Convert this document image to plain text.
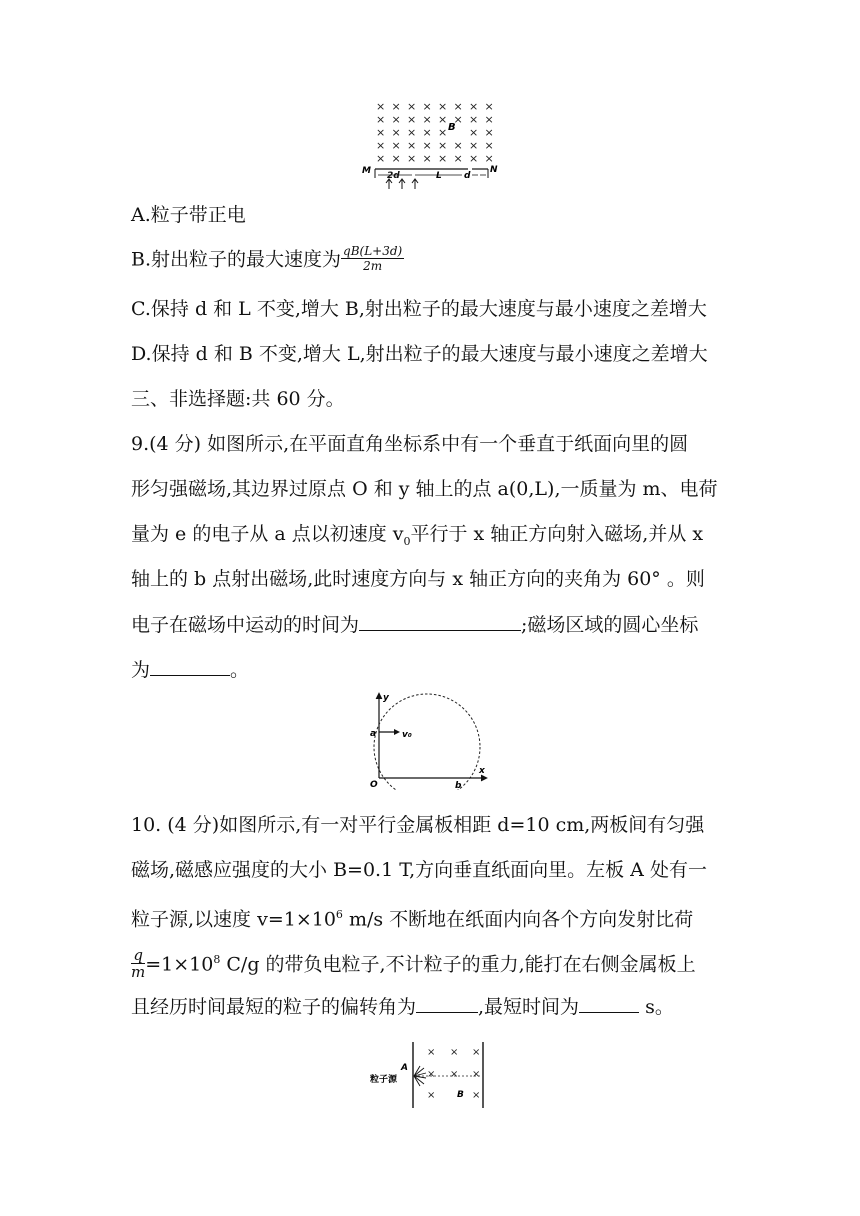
× × × × × × × ×
× × × × × × × ×
× × × × × × ×
× × × × × × × ×
× × × × × × × ×
B
M	N
2d	L d
A.粒子带正电
B.射出粒子的最大速度为 $\frac{qB(L+3d)}{2m}$
C.保持 d 和 L 不变,增大 B,射出粒子的最大速度与最小速度之差增大
D.保持 d 和 B 不变,增大 L,射出粒子的最大速度与最小速度之差增大
三、非选择题:共 60 分。
9.(4 分) 如图所示,在平面直角坐标系中有一个垂直于纸面向里的圆
形匀强磁场,其边界过原点 O 和 y 轴上的点 a(0,L),一质量为 m、电荷
量为 e 的电子从 a 点以初速度 $v_0$平行于 x 轴正方向射入磁场,并从 x
轴上的 b 点射出磁场,此时速度方向与 x 轴正方向的夹角为 60° 。则
电子在磁场中运动的时间为	;磁场区域的圆心坐标
为	。
y
x
a	v₀
O	b
10. (4 分)如图所示,有一对平行金属板相距 d=10 cm,两板间有匀强
磁场,磁感应强度的大小 B=0.1 T,方向垂直纸面向里。左板 A 处有一
粒子源,以速度 $v=1\times 10^6$ m/s 不断地在纸面内向各个方向发射比荷
$\frac{q}{m} =1\times 10^8$ C/g 的带负电粒子,不计粒子的重力,能打在右侧金属板上
且经历时间最短的粒子的偏转角为	,最短时间为	s。
粒子源
A
× × ×
× × ×
×	×
B
